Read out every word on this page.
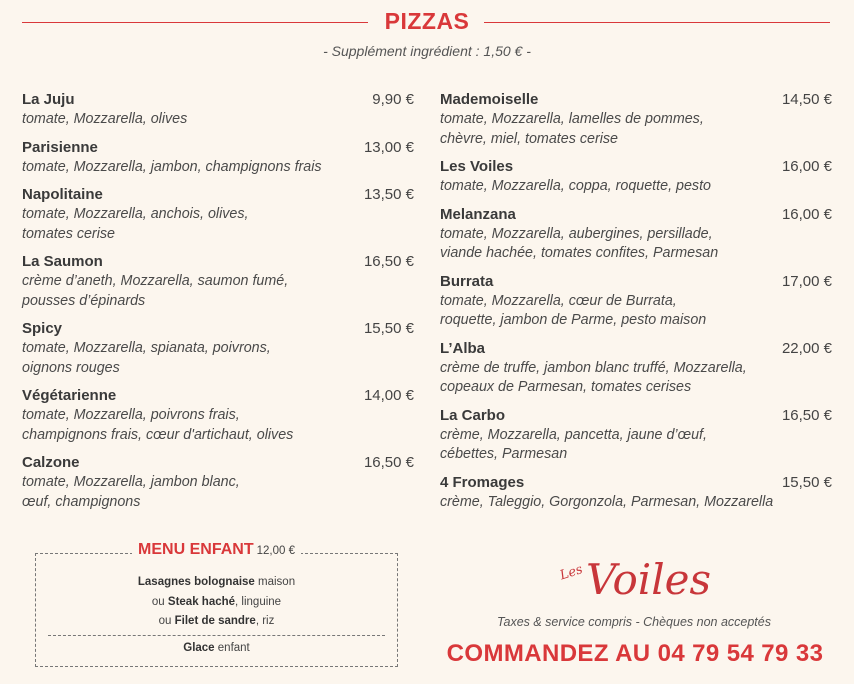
PIZZAS
- Supplément ingrédient : 1,50 € -
La Juju	9,90 €
tomate, Mozzarella, olives
Parisienne	13,00 €
tomate, Mozzarella, jambon, champignons frais
Napolitaine	13,50 €
tomate, Mozzarella, anchois, olives,
tomates cerise
La Saumon	16,50 €
crème d’aneth, Mozzarella, saumon fumé,
pousses d’épinards
Spicy	15,50 €
tomate, Mozzarella, spianata, poivrons,
oignons rouges
Végétarienne	14,00 €
tomate, Mozzarella, poivrons frais,
champignons frais, cœur d'artichaut, olives
Calzone	16,50 €
tomate, Mozzarella, jambon blanc,
œuf, champignons
Mademoiselle	14,50 €
tomate, Mozzarella, lamelles de pommes,
chèvre, miel, tomates cerise
Les Voiles	16,00 €
tomate, Mozzarella, coppa, roquette, pesto
Melanzana	16,00 €
tomate, Mozzarella, aubergines, persillade,
viande hachée, tomates confites, Parmesan
Burrata	17,00 €
tomate, Mozzarella, cœur de Burrata,
roquette, jambon de Parme, pesto maison
L’Alba	22,00 €
crème de truffe, jambon blanc truffé, Mozzarella,
copeaux de Parmesan, tomates cerises
La Carbo	16,50 €
crème, Mozzarella, pancetta, jaune d’œuf,
cébettes, Parmesan
4 Fromages	15,50 €
crème, Taleggio, Gorgonzola, Parmesan, Mozzarella
MENU ENFANT 12,00 €
Lasagnes bolognaise maison
ou Steak haché, linguine
ou Filet de sandre, riz
Glace enfant
Les Voiles
Taxes & service compris - Chèques non acceptés
COMMANDEZ AU 04 79 54 79 33
